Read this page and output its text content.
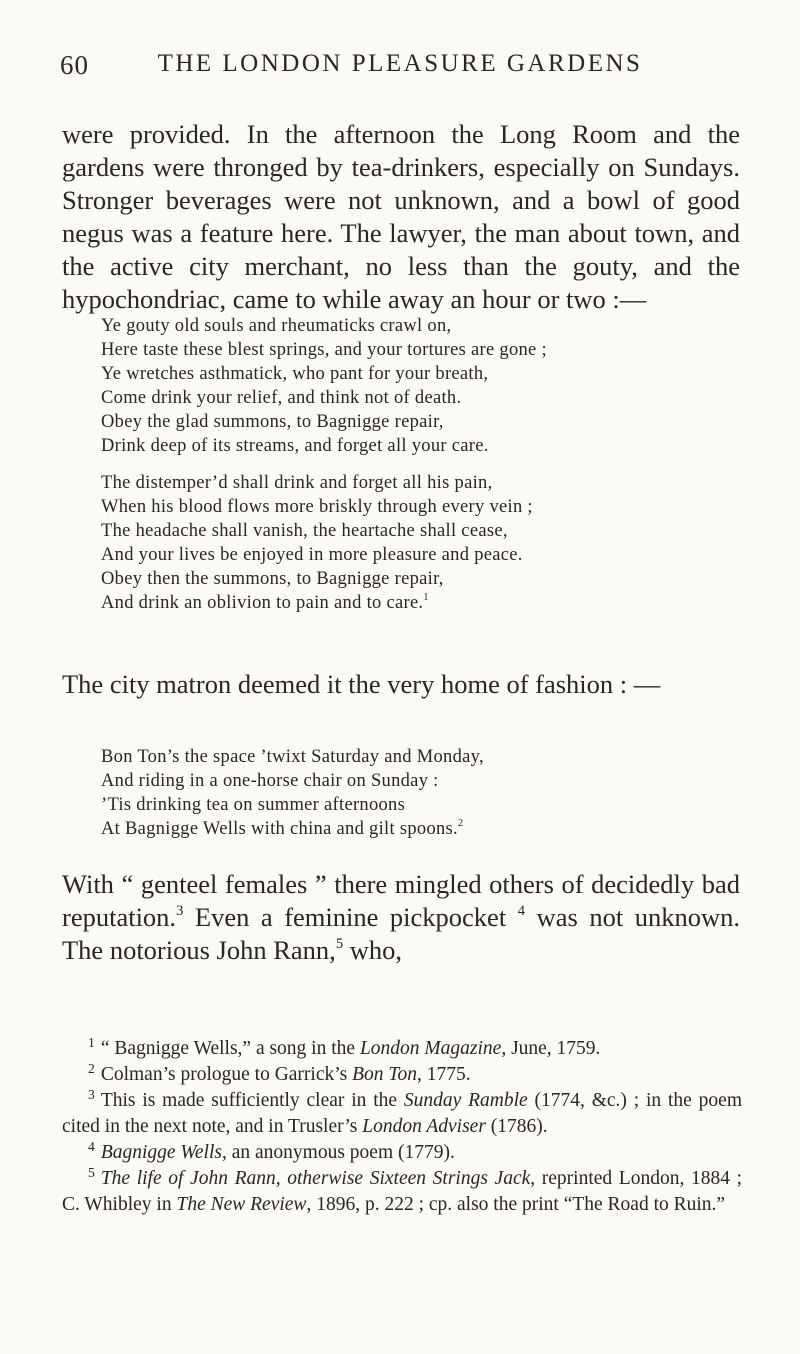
60	THE LONDON PLEASURE GARDENS

were provided. In the afternoon the Long Room and the gardens were thronged by tea-drinkers, especially on Sundays. Stronger beverages were not unknown, and a bowl of good negus was a feature here. The lawyer, the man about town, and the active city merchant, no less than the gouty, and the hypochondriac, came to while away an hour or two :—

Ye gouty old souls and rheumaticks crawl on,
Here taste these blest springs, and your tortures are gone ;
Ye wretches asthmatick, who pant for your breath,
Come drink your relief, and think not of death.
Obey the glad summons, to Bagnigge repair,
Drink deep of its streams, and forget all your care.
The distemper’d shall drink and forget all his pain,
When his blood flows more briskly through every vein ;
The headache shall vanish, the heartache shall cease,
And your lives be enjoyed in more pleasure and peace.
Obey then the summons, to Bagnigge repair,
And drink an oblivion to pain and to care.$^1$

The city matron deemed it the very home of fashion : —

Bon Ton’s the space ’twixt Saturday and Monday,
And riding in a one-horse chair on Sunday :
’Tis drinking tea on summer afternoons
At Bagnigge Wells with china and gilt spoons.$^2$

With “ genteel females ” there mingled others of decidedly bad reputation.$^3$ Even a feminine pickpocket $^4$ was not unknown. The notorious John Rann,$^5$ who,

$^1$ “ Bagnigge Wells,” a song in the London Magazine, June, 1759.
$^2$ Colman’s prologue to Garrick’s Bon Ton, 1775.
$^3$ This is made sufficiently clear in the Sunday Ramble (1774, &c.) ; in the poem cited in the next note, and in Trusler’s London Adviser (1786).
$^4$ Bagnigge Wells, an anonymous poem (1779).
$^5$ The life of John Rann, otherwise Sixteen Strings Jack, reprinted London, 1884 ; C. Whibley in The New Review, 1896, p. 222 ; cp. also the print “The Road to Ruin.”
